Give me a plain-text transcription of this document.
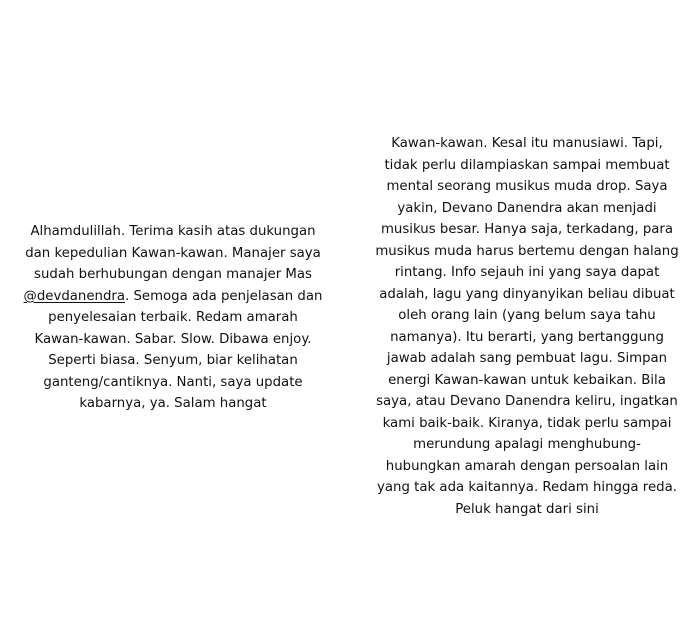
Alhamdulillah. Terima kasih atas dukungan
dan kepedulian Kawan-kawan. Manajer saya
sudah berhubungan dengan manajer Mas
@devdanendra. Semoga ada penjelasan dan
penyelesaian terbaik. Redam amarah
Kawan-kawan. Sabar. Slow. Dibawa enjoy.
Seperti biasa. Senyum, biar kelihatan
ganteng/cantiknya. Nanti, saya update
kabarnya, ya. Salam hangat

Kawan-kawan. Kesal itu manusiawi. Tapi,
tidak perlu dilampiaskan sampai membuat
mental seorang musikus muda drop. Saya
yakin, Devano Danendra akan menjadi
musikus besar. Hanya saja, terkadang, para
musikus muda harus bertemu dengan halang
rintang. Info sejauh ini yang saya dapat
adalah, lagu yang dinyanyikan beliau dibuat
oleh orang lain (yang belum saya tahu
namanya). Itu berarti, yang bertanggung
jawab adalah sang pembuat lagu. Simpan
energi Kawan-kawan untuk kebaikan. Bila
saya, atau Devano Danendra keliru, ingatkan
kami baik-baik. Kiranya, tidak perlu sampai
merundung apalagi menghubung-
hubungkan amarah dengan persoalan lain
yang tak ada kaitannya. Redam hingga reda.
Peluk hangat dari sini
